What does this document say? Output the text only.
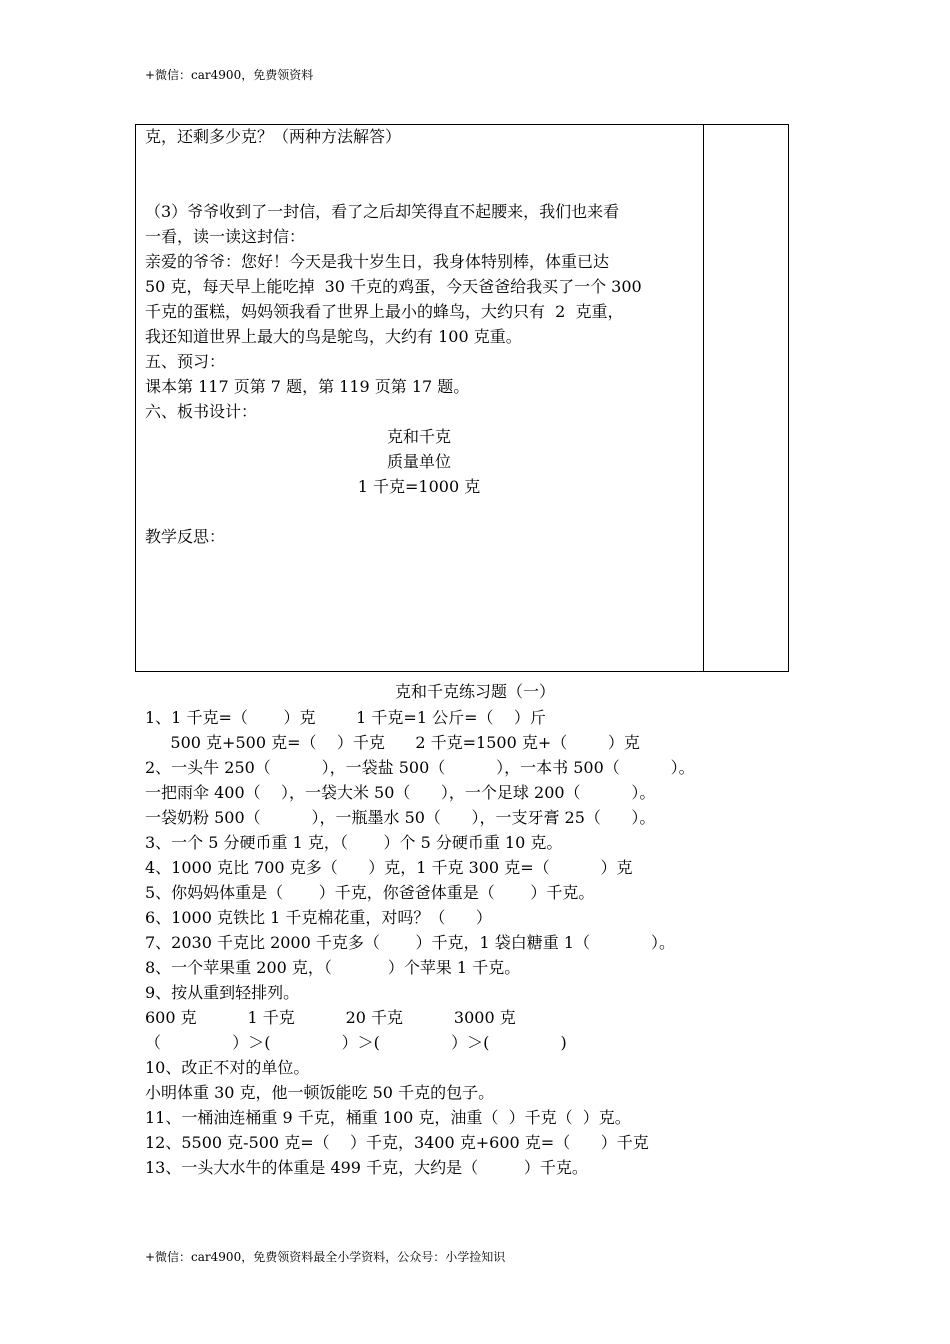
+微信：car4900，免费领资料
克，还剩多少克？（两种方法解答）
（3）爷爷收到了一封信，看了之后却笑得直不起腰来，我们也来看
一看，读一读这封信：
亲爱的爷爷：您好！今天是我十岁生日，我身体特别棒，体重已达
50 克，每天早上能吃掉  30 千克的鸡蛋，今天爸爸给我买了一个 300
千克的蛋糕，妈妈领我看了世界上最小的蜂鸟，大约只有  2  克重，
我还知道世界上最大的鸟是鸵鸟，大约有 100 克重。
五、预习：
课本第 117 页第 7 题，第 119 页第 17 题。
六、板书设计：
克和千克
质量单位
1 千克=1000 克
教学反思：
克和千克练习题（一）
1、1 千克=（       ）克        1 千克=1 公斤=（    ）斤
500 克+500 克=（    ）千克      2 千克=1500 克+（        ）克
2、一头牛 250（          ），一袋盐 500（          ），一本书 500（          ）。
一把雨伞 400（    ），一袋大米 50（      ），一个足球 200（          ）。
一袋奶粉 500（          ），一瓶墨水 50（      ），一支牙膏 25（      ）。
3、一个 5 分硬币重 1 克，（       ）个 5 分硬币重 10 克。
4、1000 克比 700 克多（      ）克，1 千克 300 克=（          ）克
5、你妈妈体重是（       ）千克，你爸爸体重是（       ）千克。
6、1000 克铁比 1 千克棉花重，对吗？（      ）
7、2030 千克比 2000 千克多（       ）千克，1 袋白糖重 1（            ）。
8、一个苹果重 200 克，（           ）个苹果 1 千克。
9、按从重到轻排列。
600 克          1 千克          20 千克          3000 克
（              ）＞(              ）＞(              ）＞(              )
10、改正不对的单位。
小明体重 30 克，他一顿饭能吃 50 千克的包子。
11、一桶油连桶重 9 千克，桶重 100 克，油重（  ）千克（  ）克。
12、5500 克-500 克=（    ）千克，3400 克+600 克=（      ）千克
13、一头大水牛的体重是 499 千克，大约是（         ）千克。
+微信：car4900，免费领资料最全小学资料，公众号：小学捡知识
